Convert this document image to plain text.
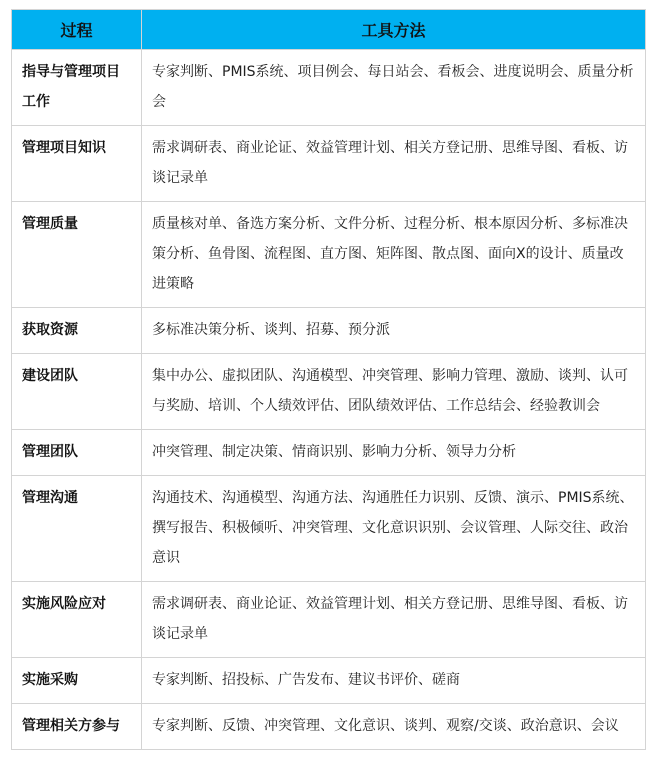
过程	工具方法
指导与管理项目工作	专家判断、PMIS系统、项目例会、每日站会、看板会、进度说明会、质量分析会
管理项目知识	需求调研表、商业论证、效益管理计划、相关方登记册、思维导图、看板、访谈记录单
管理质量	质量核对单、备选方案分析、文件分析、过程分析、根本原因分析、多标准决策分析、鱼骨图、流程图、直方图、矩阵图、散点图、面向X的设计、质量改进策略
获取资源	多标准决策分析、谈判、招募、预分派
建设团队	集中办公、虚拟团队、沟通模型、冲突管理、影响力管理、激励、谈判、认可与奖励、培训、个人绩效评估、团队绩效评估、工作总结会、经验教训会
管理团队	冲突管理、制定决策、情商识别、影响力分析、领导力分析
管理沟通	沟通技术、沟通模型、沟通方法、沟通胜任力识别、反馈、演示、PMIS系统、撰写报告、积极倾听、冲突管理、文化意识识别、会议管理、人际交往、政治意识
实施风险应对	需求调研表、商业论证、效益管理计划、相关方登记册、思维导图、看板、访谈记录单
实施采购	专家判断、招投标、广告发布、建议书评价、磋商
管理相关方参与	专家判断、反馈、冲突管理、文化意识、谈判、观察/交谈、政治意识、会议
